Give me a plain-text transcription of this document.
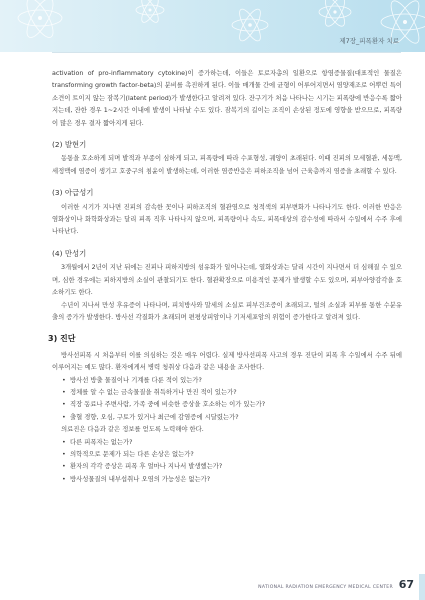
제7장_피폭환자 치료

activation of pro-inflammatory cytokine)이 증가하는데, 이들은 토로자총의 일환으로 항염증물질(대표적인 물질은 transforming growth factor-beta)의 분비를 촉진하게 된다. 이들 매개물 간에 균형이 어루어지면서 염양재조로 어뿌런 특이소견이 트이지 않는 잠복기(latent period)가 발생한다고 알려져 있다. 잔구기가 처음 나타나는 시기는 피폭량에 반응수록 짧아지는데, 잔한 경우 1~2시간 이내에 발생이 나타날 수도 있다. 잠복기의 길이는 조직이 손상된 정도에 영향을 받으므로, 피폭량이 많은 경우 결자 짧아지게 된다.

(2) 발현기

동통을 호소하게 되며 발적과 부종이 심하게 되고, 피폭량에 따라 수포형성, 궤양이 초래된다. 이때 진피의 모세혈관, 세동맥, 세정맥에 염증이 생기고 호중구의 침윤이 발생하는데, 이러한 염증반응은 피하조직을 넘어 근육층까지 염증을 초래할 수 있다.

(3) 아급성기

이러한 시기가 지나면 진피의 감속한 꼿이나 피하조직의 혈관염으로 청적색의 피부변화가 나타나기도 한다. 이러한 반응은 염화상이나 화학화상과는 달리 피폭 직후 나타나지 않으며, 피폭량이나 속도, 피폭대상의 감수성에 따라서 수일에서 수주 후에 나타난다.

(4) 만성기

3개월에서 2년이 지난 뒤에는 진피나 피하지방의 섬유화가 일어나는데, 열화상과는 달리 시간이 지나면서 더 심해질 수 있으며, 심한 경우에는 피하지방의 소실이 관찰되기도 한다. 혈관확장으로 미용적인 문제가 발생할 수도 있으며, 피부아양감각을 호소하기도 한다.

수년이 지나서 만성 후유증이 나타나며, 피치방사와 말세의 소실로 피부건조증이 초래되고, 털의 소실과 피부를 통한 수분유출의 증가가 발생한다. 방사선 각질화가 초래되며 편평상피암이나 기저세포암의 위험이 증가한다고 알려져 있다.

3) 진단

방사선피폭 시 처음부터 이를 의심하는 것은 매우 어렵다. 실제 방사선피폭 사고의 경우 진단이 피폭 후 수일에서 수주 뒤에 이루어지는 예도 많다. 환자에게서 병력 청취상 다음과 같은 내용을 조사한다.

• 방사선 방출 물질이나 기계를 다룬 적이 있는가?
• 정체를 알 수 없는 금속물질을 취득하거나 만진 적이 있는가?
• 직장 동료나 주변사람, 가족 중에 비슷한 증상을 호소하는 이가 있는가?
• 출혈 경향, 오심, 구토가 있거나 최근에 감염증에 시달렸는가?

의료진은 다음과 같은 정보를 얻도록 노력해야 한다.

• 다른 피폭자는 없는가?
• 의학적으로 문제가 되는 다른 손상은 없는가?
• 환자의 각각 증상은 피폭 후 얼마나 지나서 발생했는가?
• 방사성물질의 내부섭취나 오염의 가능성은 없는가?
NATIONAL RADIATION EMERGENCY MEDICAL CENTER 67
